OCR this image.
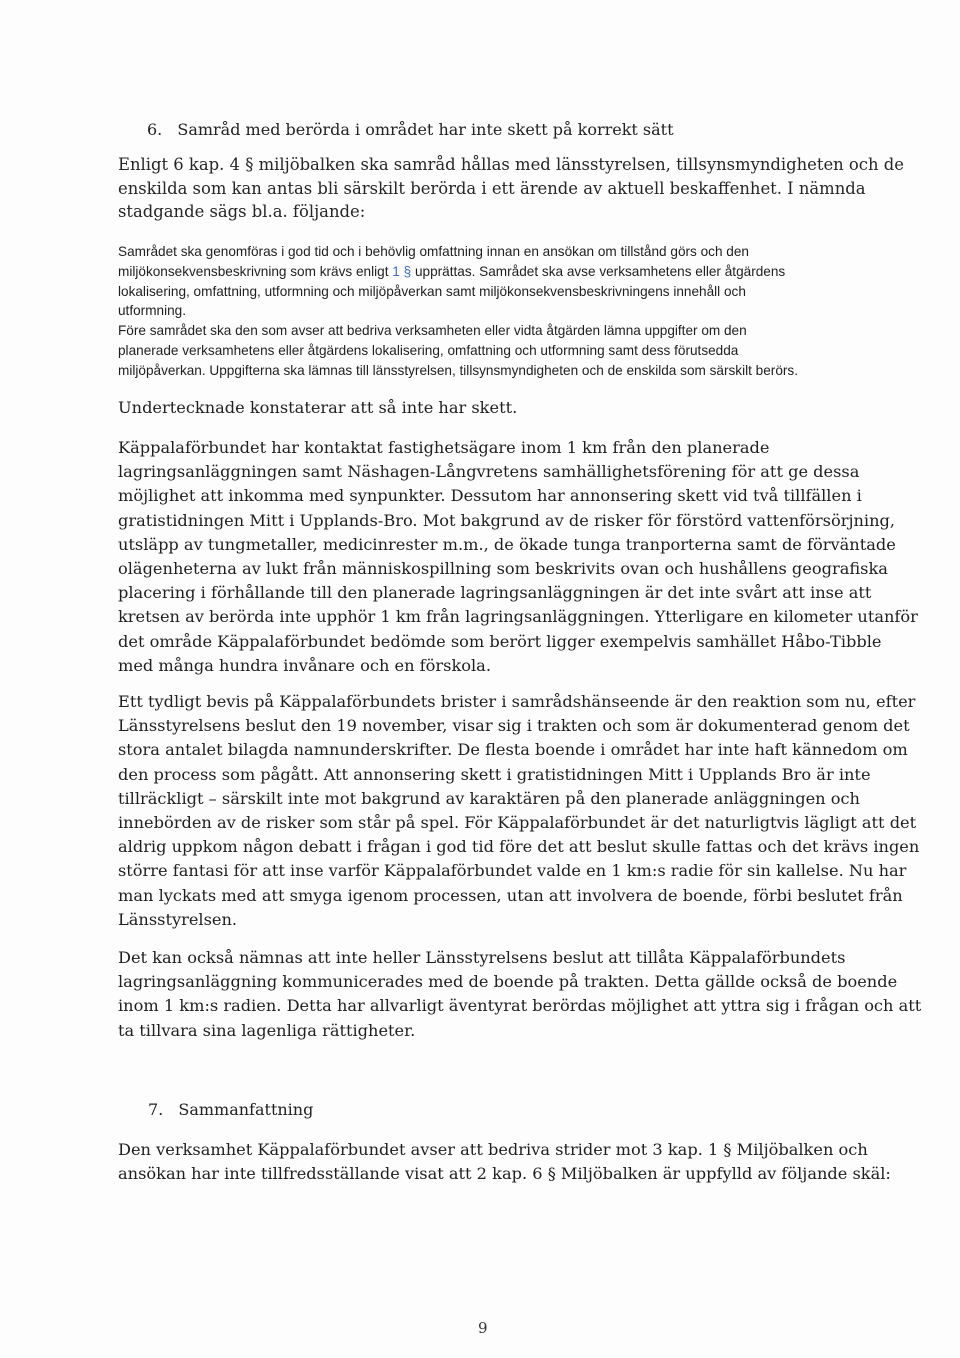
6. Samråd med berörda i området har inte skett på korrekt sätt
Enligt 6 kap. 4 § miljöbalken ska samråd hållas med länsstyrelsen, tillsynsmyndigheten och de
enskilda som kan antas bli särskilt berörda i ett ärende av aktuell beskaffenhet. I nämnda
stadgande sägs bl.a. följande:

Samrådet ska genomföras i god tid och i behövlig omfattning innan en ansökan om tillstånd görs och den
miljökonsekvensbeskrivning som krävs enligt 1 § upprättas. Samrådet ska avse verksamhetens eller åtgärdens
lokalisering, omfattning, utformning och miljöpåverkan samt miljökonsekvensbeskrivningens innehåll och
utformning.

Före samrådet ska den som avser att bedriva verksamheten eller vidta åtgärden lämna uppgifter om den
planerade verksamhetens eller åtgärdens lokalisering, omfattning och utformning samt dess förutsedda
miljöpåverkan. Uppgifterna ska lämnas till länsstyrelsen, tillsynsmyndigheten och de enskilda som särskilt berörs.

Undertecknade konstaterar att så inte har skett.
Käppalaförbundet har kontaktat fastighetsägare inom 1 km från den planerade
lagringsanläggningen samt Näshagen-Långvretens samhällighetsförening för att ge dessa
möjlighet att inkomma med synpunkter. Dessutom har annonsering skett vid två tillfällen i
gratistidningen Mitt i Upplands-Bro. Mot bakgrund av de risker för förstörd vattenförsörjning,
utsläpp av tungmetaller, medicinrester m.m., de ökade tunga tranporterna samt de förväntade
olägenheterna av lukt från människospillning som beskrivits ovan och hushållens geografiska
placering i förhållande till den planerade lagringsanläggningen är det inte svårt att inse att
kretsen av berörda inte upphör 1 km från lagringsanläggningen. Ytterligare en kilometer utanför
det område Käppalaförbundet bedömde som berört ligger exempelvis samhället Håbo-Tibble
med många hundra invånare och en förskola.
Ett tydligt bevis på Käppalaförbundets brister i samrådshänseende är den reaktion som nu, efter
Länsstyrelsens beslut den 19 november, visar sig i trakten och som är dokumenterad genom det
stora antalet bilagda namnunderskrifter. De flesta boende i området har inte haft kännedom om
den process som pågått. Att annonsering skett i gratistidningen Mitt i Upplands Bro är inte
tillräckligt – särskilt inte mot bakgrund av karaktären på den planerade anläggningen och
innebörden av de risker som står på spel. För Käppalaförbundet är det naturligtvis lägligt att det
aldrig uppkom någon debatt i frågan i god tid före det att beslut skulle fattas och det krävs ingen
större fantasi för att inse varför Käppalaförbundet valde en 1 km:s radie för sin kallelse. Nu har
man lyckats med att smyga igenom processen, utan att involvera de boende, förbi beslutet från
Länsstyrelsen.
Det kan också nämnas att inte heller Länsstyrelsens beslut att tillåta Käppalaförbundets
lagringsanläggning kommunicerades med de boende på trakten. Detta gällde också de boende
inom 1 km:s radien. Detta har allvarligt äventyrat berördas möjlighet att yttra sig i frågan och att
ta tillvara sina lagenliga rättigheter.
7. Sammanfattning
Den verksamhet Käppalaförbundet avser att bedriva strider mot 3 kap. 1 § Miljöbalken och
ansökan har inte tillfredsställande visat att 2 kap. 6 § Miljöbalken är uppfylld av följande skäl:
9
